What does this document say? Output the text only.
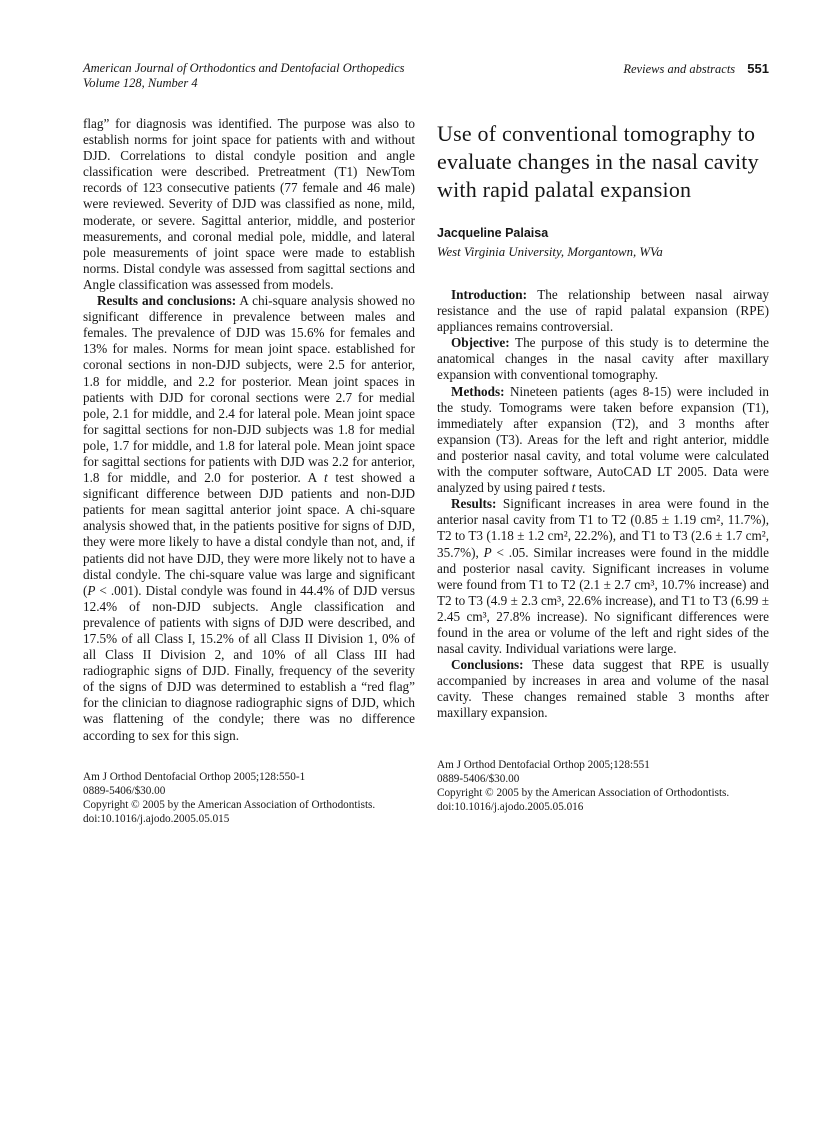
American Journal of Orthodontics and Dentofacial Orthopedics
Volume 128, Number 4
Reviews and abstracts 551

flag” for diagnosis was identified. The purpose was also to establish norms for joint space for patients with and without DJD. Correlations to distal condyle position and angle classification were described. Pretreatment (T1) NewTom records of 123 consecutive patients (77 female and 46 male) were reviewed. Severity of DJD was classified as none, mild, moderate, or severe. Sagittal anterior, middle, and posterior measurements, and coronal medial pole, middle, and lateral pole measurements of joint space were made to establish norms. Distal condyle was assessed from sagittal sections and Angle classification was assessed from models.

Results and conclusions: A chi-square analysis showed no significant difference in prevalence between males and females. The prevalence of DJD was 15.6% for females and 13% for males. Norms for mean joint space. established for coronal sections in non-DJD subjects, were 2.5 for anterior, 1.8 for middle, and 2.2 for posterior. Mean joint spaces in patients with DJD for coronal sections were 2.7 for medial pole, 2.1 for middle, and 2.4 for lateral pole. Mean joint space for sagittal sections for non-DJD subjects was 1.8 for medial pole, 1.7 for middle, and 1.8 for lateral pole. Mean joint space for sagittal sections for patients with DJD was 2.2 for anterior, 1.8 for middle, and 2.0 for posterior. A t test showed a significant difference between DJD patients and non-DJD patients for mean sagittal anterior joint space. A chi-square analysis showed that, in the patients positive for signs of DJD, they were more likely to have a distal condyle than not, and, if patients did not have DJD, they were more likely not to have a distal condyle. The chi-square value was large and significant (P < .001). Distal condyle was found in 44.4% of DJD versus 12.4% of non-DJD subjects. Angle classification and prevalence of patients with signs of DJD were described, and 17.5% of all Class I, 15.2% of all Class II Division 1, 0% of all Class II Division 2, and 10% of all Class III had radiographic signs of DJD. Finally, frequency of the severity of the signs of DJD was determined to establish a “red flag” for the clinician to diagnose radiographic signs of DJD, which was flattening of the condyle; there was no difference according to sex for this sign.

Am J Orthod Dentofacial Orthop 2005;128:550-1
0889-5406/$30.00
Copyright © 2005 by the American Association of Orthodontists.
doi:10.1016/j.ajodo.2005.05.015
Use of conventional tomography to evaluate changes in the nasal cavity with rapid palatal expansion
Jacqueline Palaisa
West Virginia University, Morgantown, WVa

Introduction: The relationship between nasal airway resistance and the use of rapid palatal expansion (RPE) appliances remains controversial.

Objective: The purpose of this study is to determine the anatomical changes in the nasal cavity after maxillary expansion with conventional tomography.

Methods: Nineteen patients (ages 8-15) were included in the study. Tomograms were taken before expansion (T1), immediately after expansion (T2), and 3 months after expansion (T3). Areas for the left and right anterior, middle and posterior nasal cavity, and total volume were calculated with the computer software, AutoCAD LT 2005. Data were analyzed by using paired t tests.

Results: Significant increases in area were found in the anterior nasal cavity from T1 to T2 (0.85 ± 1.19 cm², 11.7%), T2 to T3 (1.18 ± 1.2 cm², 22.2%), and T1 to T3 (2.6 ± 1.7 cm², 35.7%), P < .05. Similar increases were found in the middle and posterior nasal cavity. Significant increases in volume were found from T1 to T2 (2.1 ± 2.7 cm³, 10.7% increase) and T2 to T3 (4.9 ± 2.3 cm³, 22.6% increase), and T1 to T3 (6.99 ± 2.45 cm³, 27.8% increase). No significant differences were found in the area or volume of the left and right sides of the nasal cavity. Individual variations were large.

Conclusions: These data suggest that RPE is usually accompanied by increases in area and volume of the nasal cavity. These changes remained stable 3 months after maxillary expansion.

Am J Orthod Dentofacial Orthop 2005;128:551
0889-5406/$30.00
Copyright © 2005 by the American Association of Orthodontists.
doi:10.1016/j.ajodo.2005.05.016
